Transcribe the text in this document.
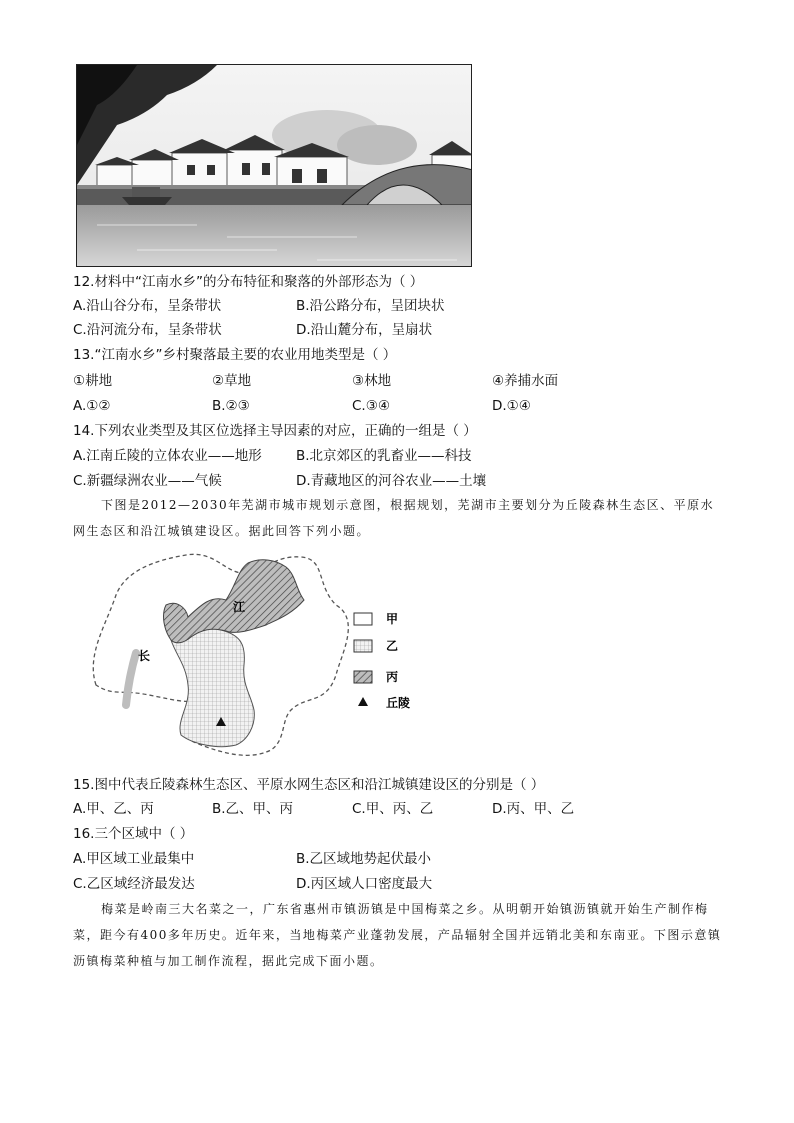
12.材料中“江南水乡”的分布特征和聚落的外部形态为（ ）
A.沿山谷分布，呈条带状	B.沿公路分布，呈团块状
C.沿河流分布，呈条带状	D.沿山麓分布，呈扇状
13.“江南水乡”乡村聚落最主要的农业用地类型是（ ）
①耕地	②草地	③林地	④养捕水面
A.①②	B.②③	C.③④	D.①④
14.下列农业类型及其区位选择主导因素的对应，正确的一组是（ ）
A.江南丘陵的立体农业——地形	B.北京郊区的乳畜业——科技
C.新疆绿洲农业——气候	D.青藏地区的河谷农业——土壤
下图是2012—2030年芜湖市城市规划示意图，根据规划，芜湖市主要划分为丘陵森林生态区、平原水网生态区和沿江城镇建设区。据此回答下列小题。
江
长
甲
乙
丙
丘陵
15.图中代表丘陵森林生态区、平原水网生态区和沿江城镇建设区的分别是（ ）
A.甲、乙、丙	B.乙、甲、丙	C.甲、丙、乙	D.丙、甲、乙
16.三个区域中（ ）
A.甲区域工业最集中	B.乙区域地势起伏最小
C.乙区域经济最发达	D.丙区域人口密度最大
梅菜是岭南三大名菜之一，广东省惠州市镇沥镇是中国梅菜之乡。从明朝开始镇沥镇就开始生产制作梅菜，距今有400多年历史。近年来，当地梅菜产业蓬勃发展，产品辐射全国并远销北美和东南亚。下图示意镇沥镇梅菜种植与加工制作流程，据此完成下面小题。
